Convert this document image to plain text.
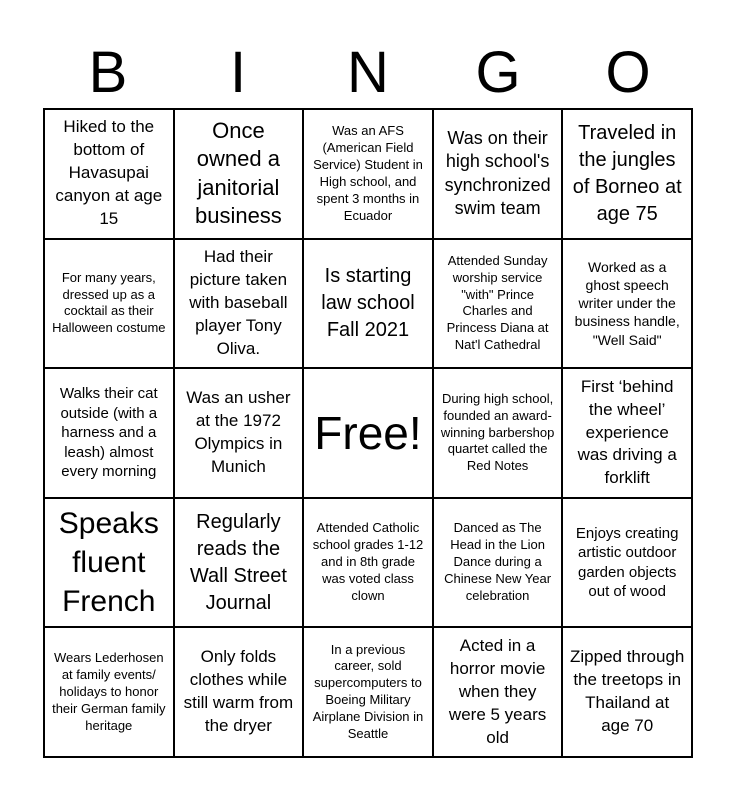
B	I	N	G	O
Hiked to the bottom of Havasupai canyon at age 15
Once owned a janitorial business
Was an AFS (American Field Service) Student in High school, and spent 3 months in Ecuador
Was on their high school's synchronized swim team
Traveled in the jungles of Borneo at age 75
For many years, dressed up as a cocktail as their Halloween costume
Had their picture taken with baseball player Tony Oliva.
Is starting law school Fall 2021
Attended Sunday worship service "with" Prince Charles and Princess Diana at Nat'l Cathedral
Worked as a ghost speech writer under the business handle, "Well Said"
Walks their cat outside (with a harness and a leash) almost every morning
Was an usher at the 1972 Olympics in Munich
Free!
During high school, founded an award-winning barbershop quartet called the Red Notes
First ‘behind the wheel’ experience was driving a forklift
Speaks fluent French
Regularly reads the Wall Street Journal
Attended Catholic school grades 1-12 and in 8th grade was voted class clown
Danced as The Head in the Lion Dance during a Chinese New Year celebration
Enjoys creating artistic outdoor garden objects out of wood
Wears Lederhosen at family events/ holidays to honor their German family heritage
Only folds clothes while still warm from the dryer
In a previous career, sold supercomputers to Boeing Military Airplane Division in Seattle
Acted in a horror movie when they were 5 years old
Zipped through the treetops in Thailand at age 70
